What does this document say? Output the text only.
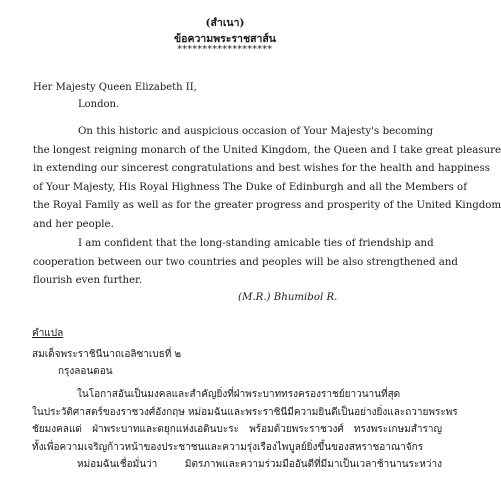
(สำเนา)
ข้อความพระราชสาส์น
*******************
Her Majesty Queen Elizabeth II,
London.
On this historic and auspicious occasion of Your Majesty's becoming
the longest reigning monarch of the United Kingdom, the Queen and I take great pleasure
in extending our sincerest congratulations and best wishes for the health and happiness
of Your Majesty, His Royal Highness The Duke of Edinburgh and all the Members of
the Royal Family as well as for the greater progress and prosperity of the United Kingdom
and her people.
I am confident that the long-standing amicable ties of friendship and
cooperation between our two countries and peoples will be also strengthened and
flourish even further.
(M.R.) Bhumibol R.
คำแปล
สมเด็จพระราชินีนาถเอลิซาเบธที่ ๒
กรุงลอนดอน
ในโอกาสอันเป็นมงคลและสำคัญยิ่งที่ฝ่าพระบาททรงครองราชย์ยาวนานที่สุด
ในประวัติศาสตร์ของราชวงศ์อังกฤษ หม่อมฉันและพระราชินีมีความยินดีเป็นอย่างยิ่งและถวายพระพร
ชัยมงคลแด่ ฝ่าพระบาทและดยุกแห่งเอดินบะระ พร้อมด้วยพระราชวงศ์ ทรงพระเกษมสำราญ
ทั้งเพื่อความเจริญก้าวหน้าของประชาชนและความรุ่งเรืองไพบูลย์ยิ่งขึ้นของสหราชอาณาจักร
หม่อมฉันเชื่อมั่นว่า มิตรภาพและความร่วมมืออันดีที่มีมาเป็นเวลาช้านานระหว่าง
